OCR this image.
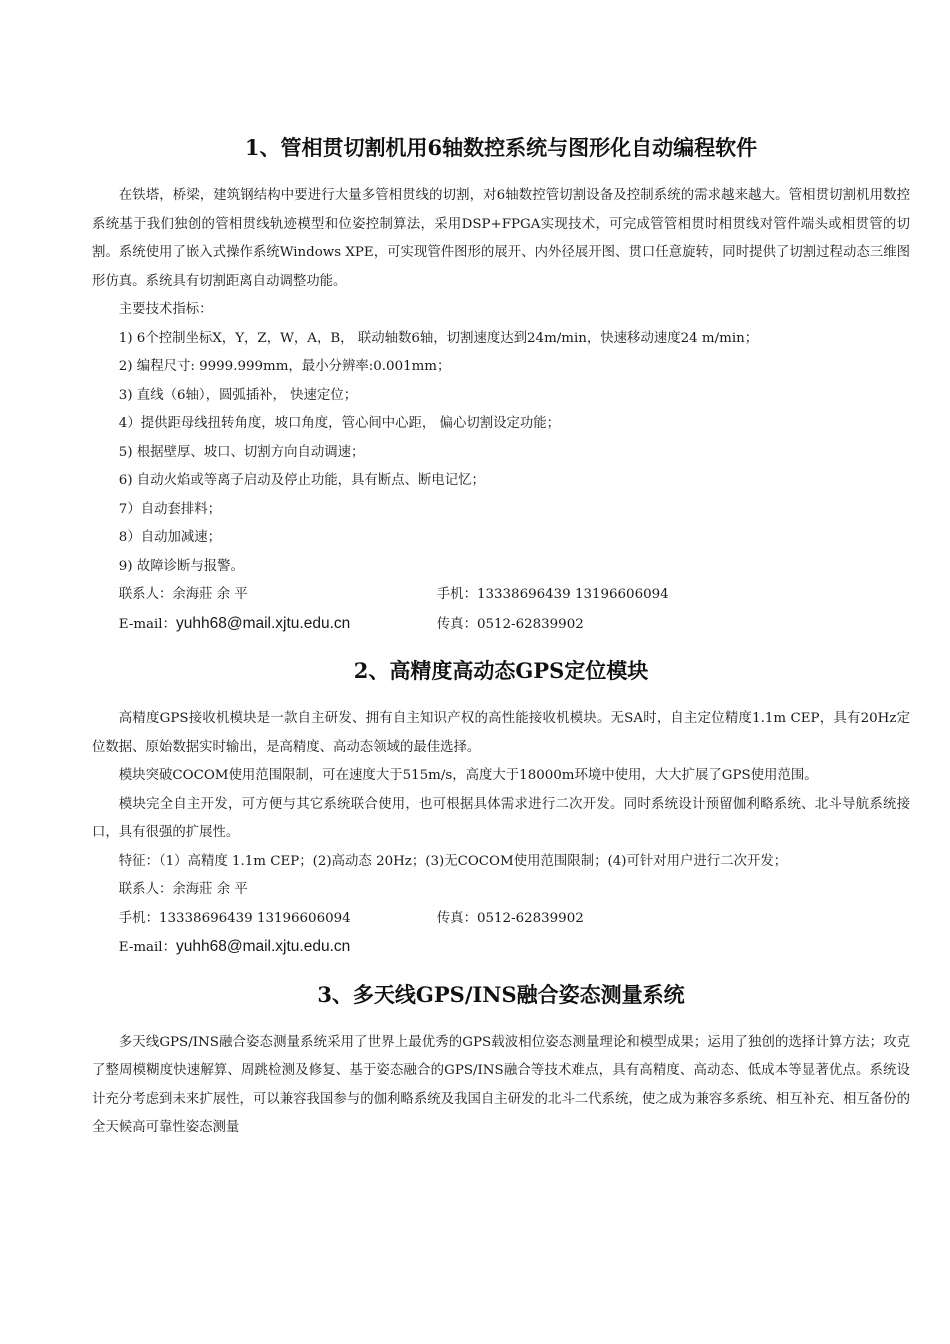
1、管相贯切割机用6轴数控系统与图形化自动编程软件

在铁塔，桥梁，建筑钢结构中要进行大量多管相贯线的切割，对6轴数控管切割设备及控制系统的需求越来越大。管相贯切割机用数控系统基于我们独创的管相贯线轨迹模型和位姿控制算法，采用DSP+FPGA实现技术，可完成管管相贯时相贯线对管件端头或相贯管的切割。系统使用了嵌入式操作系统Windows XPE，可实现管件图形的展开、内外径展开图、贯口任意旋转，同时提供了切割过程动态三维图形仿真。系统具有切割距离自动调整功能。

主要技术指标：

1) 6个控制坐标X，Y，Z，W，A，B， 联动轴数6轴，切割速度达到24m/min，快速移动速度24 m/min；

2) 编程尺寸: 9999.999mm，最小分辨率:0.001mm；

3) 直线（6轴），圆弧插补， 快速定位；

4）提供距母线扭转角度，坡口角度，管心间中心距， 偏心切割设定功能；

5) 根据壁厚、坡口、切割方向自动调速；

6) 自动火焰或等离子启动及停止功能，具有断点、断电记忆；

7）自动套排料；

8）自动加减速；

9) 故障诊断与报警。

联系人：余海莊 余 平	手机：13338696439 13196606094

E-mail：yuhh68@mail.xjtu.edu.cn	传真：0512-62839902

2、高精度高动态GPS定位模块

高精度GPS接收机模块是一款自主研发、拥有自主知识产权的高性能接收机模块。无SA时，自主定位精度1.1m CEP，具有20Hz定位数据、原始数据实时输出，是高精度、高动态领域的最佳选择。

模块突破COCOM使用范围限制，可在速度大于515m/s，高度大于18000m环境中使用，大大扩展了GPS使用范围。

模块完全自主开发，可方便与其它系统联合使用，也可根据具体需求进行二次开发。同时系统设计预留伽利略系统、北斗导航系统接口，具有很强的扩展性。

特征：（1）高精度 1.1m CEP；(2)高动态 20Hz；(3)无COCOM使用范围限制；(4)可针对用户进行二次开发；

联系人：余海莊 余 平

手机：13338696439 13196606094	传真：0512-62839902

E-mail：yuhh68@mail.xjtu.edu.cn

3、多天线GPS/INS融合姿态测量系统

多天线GPS/INS融合姿态测量系统采用了世界上最优秀的GPS载波相位姿态测量理论和模型成果；运用了独创的选择计算方法；攻克了整周模糊度快速解算、周跳检测及修复、基于姿态融合的GPS/INS融合等技术难点，具有高精度、高动态、低成本等显著优点。系统设计充分考虑到未来扩展性，可以兼容我国参与的伽利略系统及我国自主研发的北斗二代系统，使之成为兼容多系统、相互补充、相互备份的全天候高可靠性姿态测量
